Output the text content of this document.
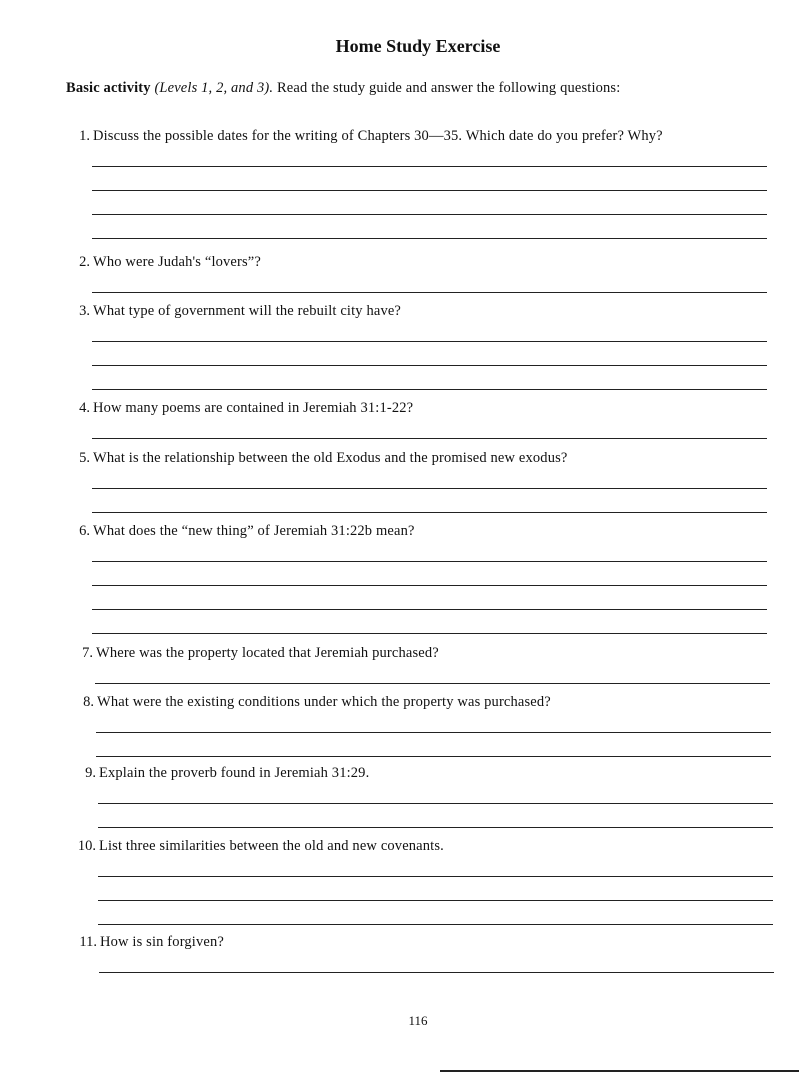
Home Study Exercise
Basic activity (Levels 1, 2, and 3). Read the study guide and answer the following questions:
1. Discuss the possible dates for the writing of Chapters 30—35. Which date do you prefer? Why?
2. Who were Judah's “lovers”?
3. What type of government will the rebuilt city have?
4. How many poems are contained in Jeremiah 31:1-22?
5. What is the relationship between the old Exodus and the promised new exodus?
6. What does the “new thing” of Jeremiah 31:22b mean?
7. Where was the property located that Jeremiah purchased?
8. What were the existing conditions under which the property was purchased?
9. Explain the proverb found in Jeremiah 31:29.
10. List three similarities between the old and new covenants.
11. How is sin forgiven?
116
